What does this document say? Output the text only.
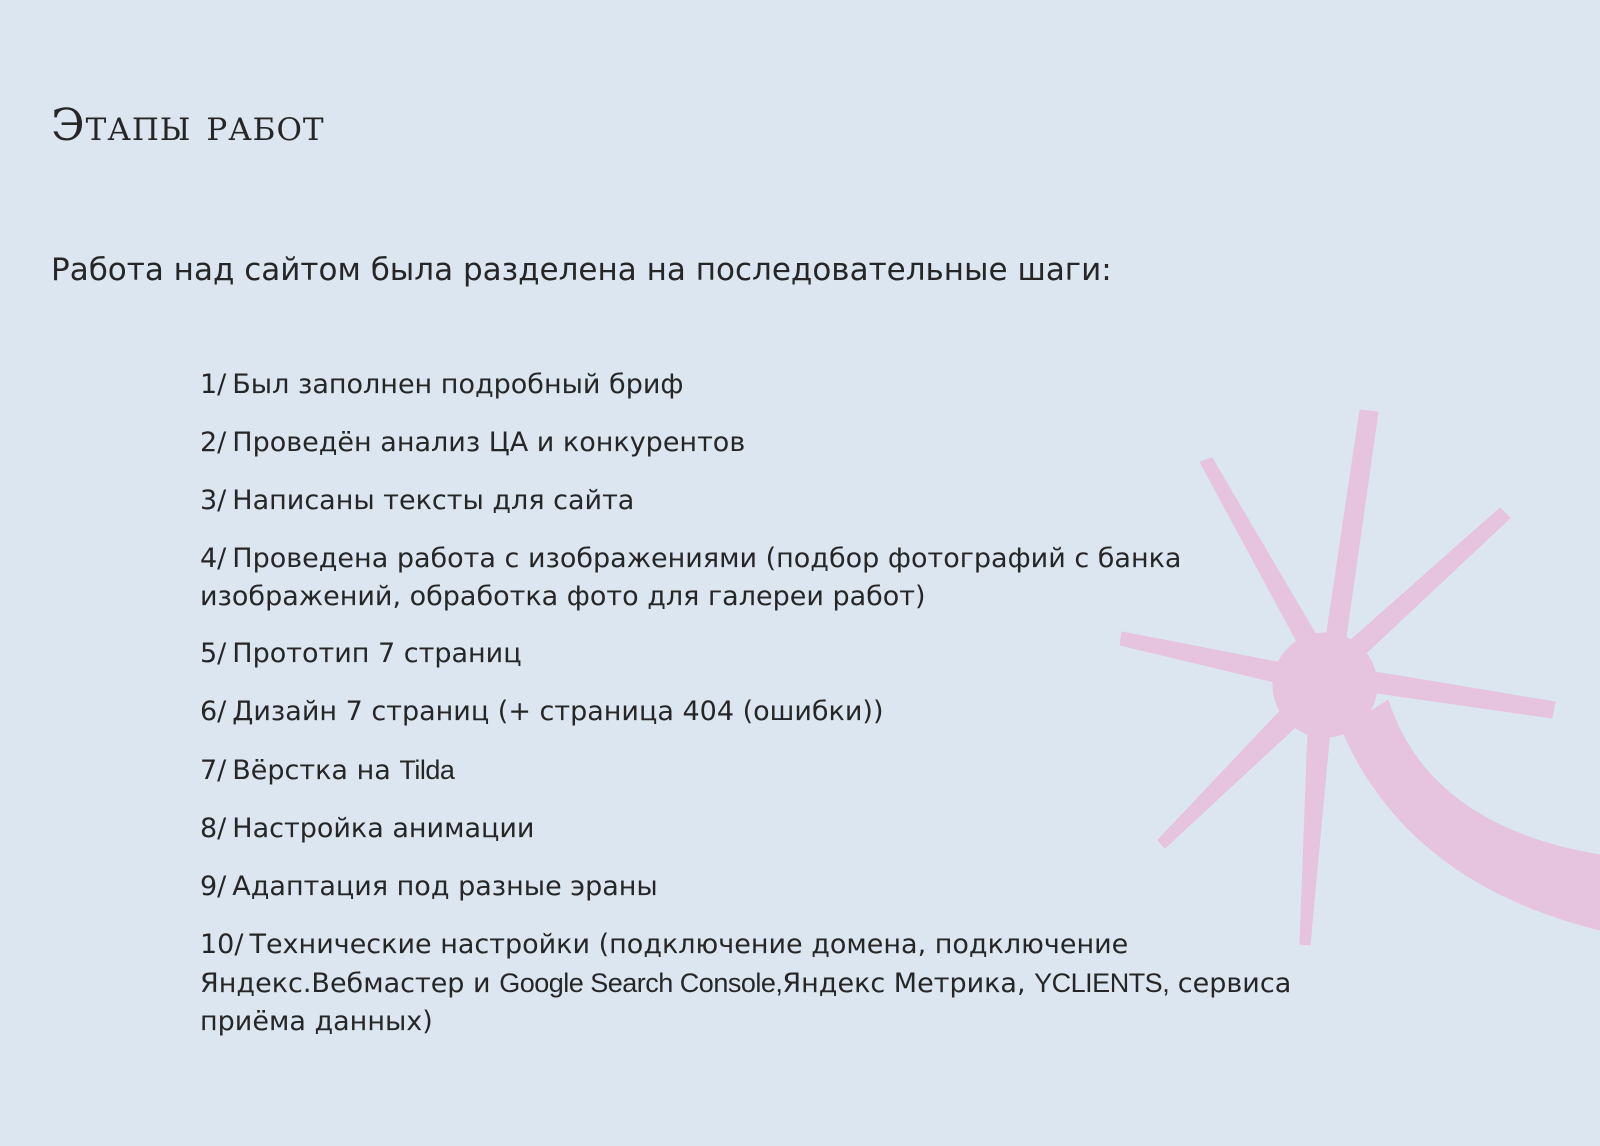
Этапы работ

Работа над сайтом была разделена на последовательные шаги:

1/ Был заполнен подробный бриф
2/ Проведён анализ ЦА и конкурентов
3/ Написаны тексты для сайта
4/ Проведена работа с изображениями (подбор фотографий с банка изображений, обработка фото для галереи работ)
5/ Прототип 7 страниц
6/ Дизайн 7 страниц (+ страница 404 (ошибки))
7/ Вёрстка на Tilda
8/ Настройка анимации
9/ Адаптация под разные эраны
10/ Технические настройки (подключение домена, подключение Яндекс.Вебмастер и Google Search Console,Яндекс Метрика, YCLIENTS, сервиса приёма данных)
